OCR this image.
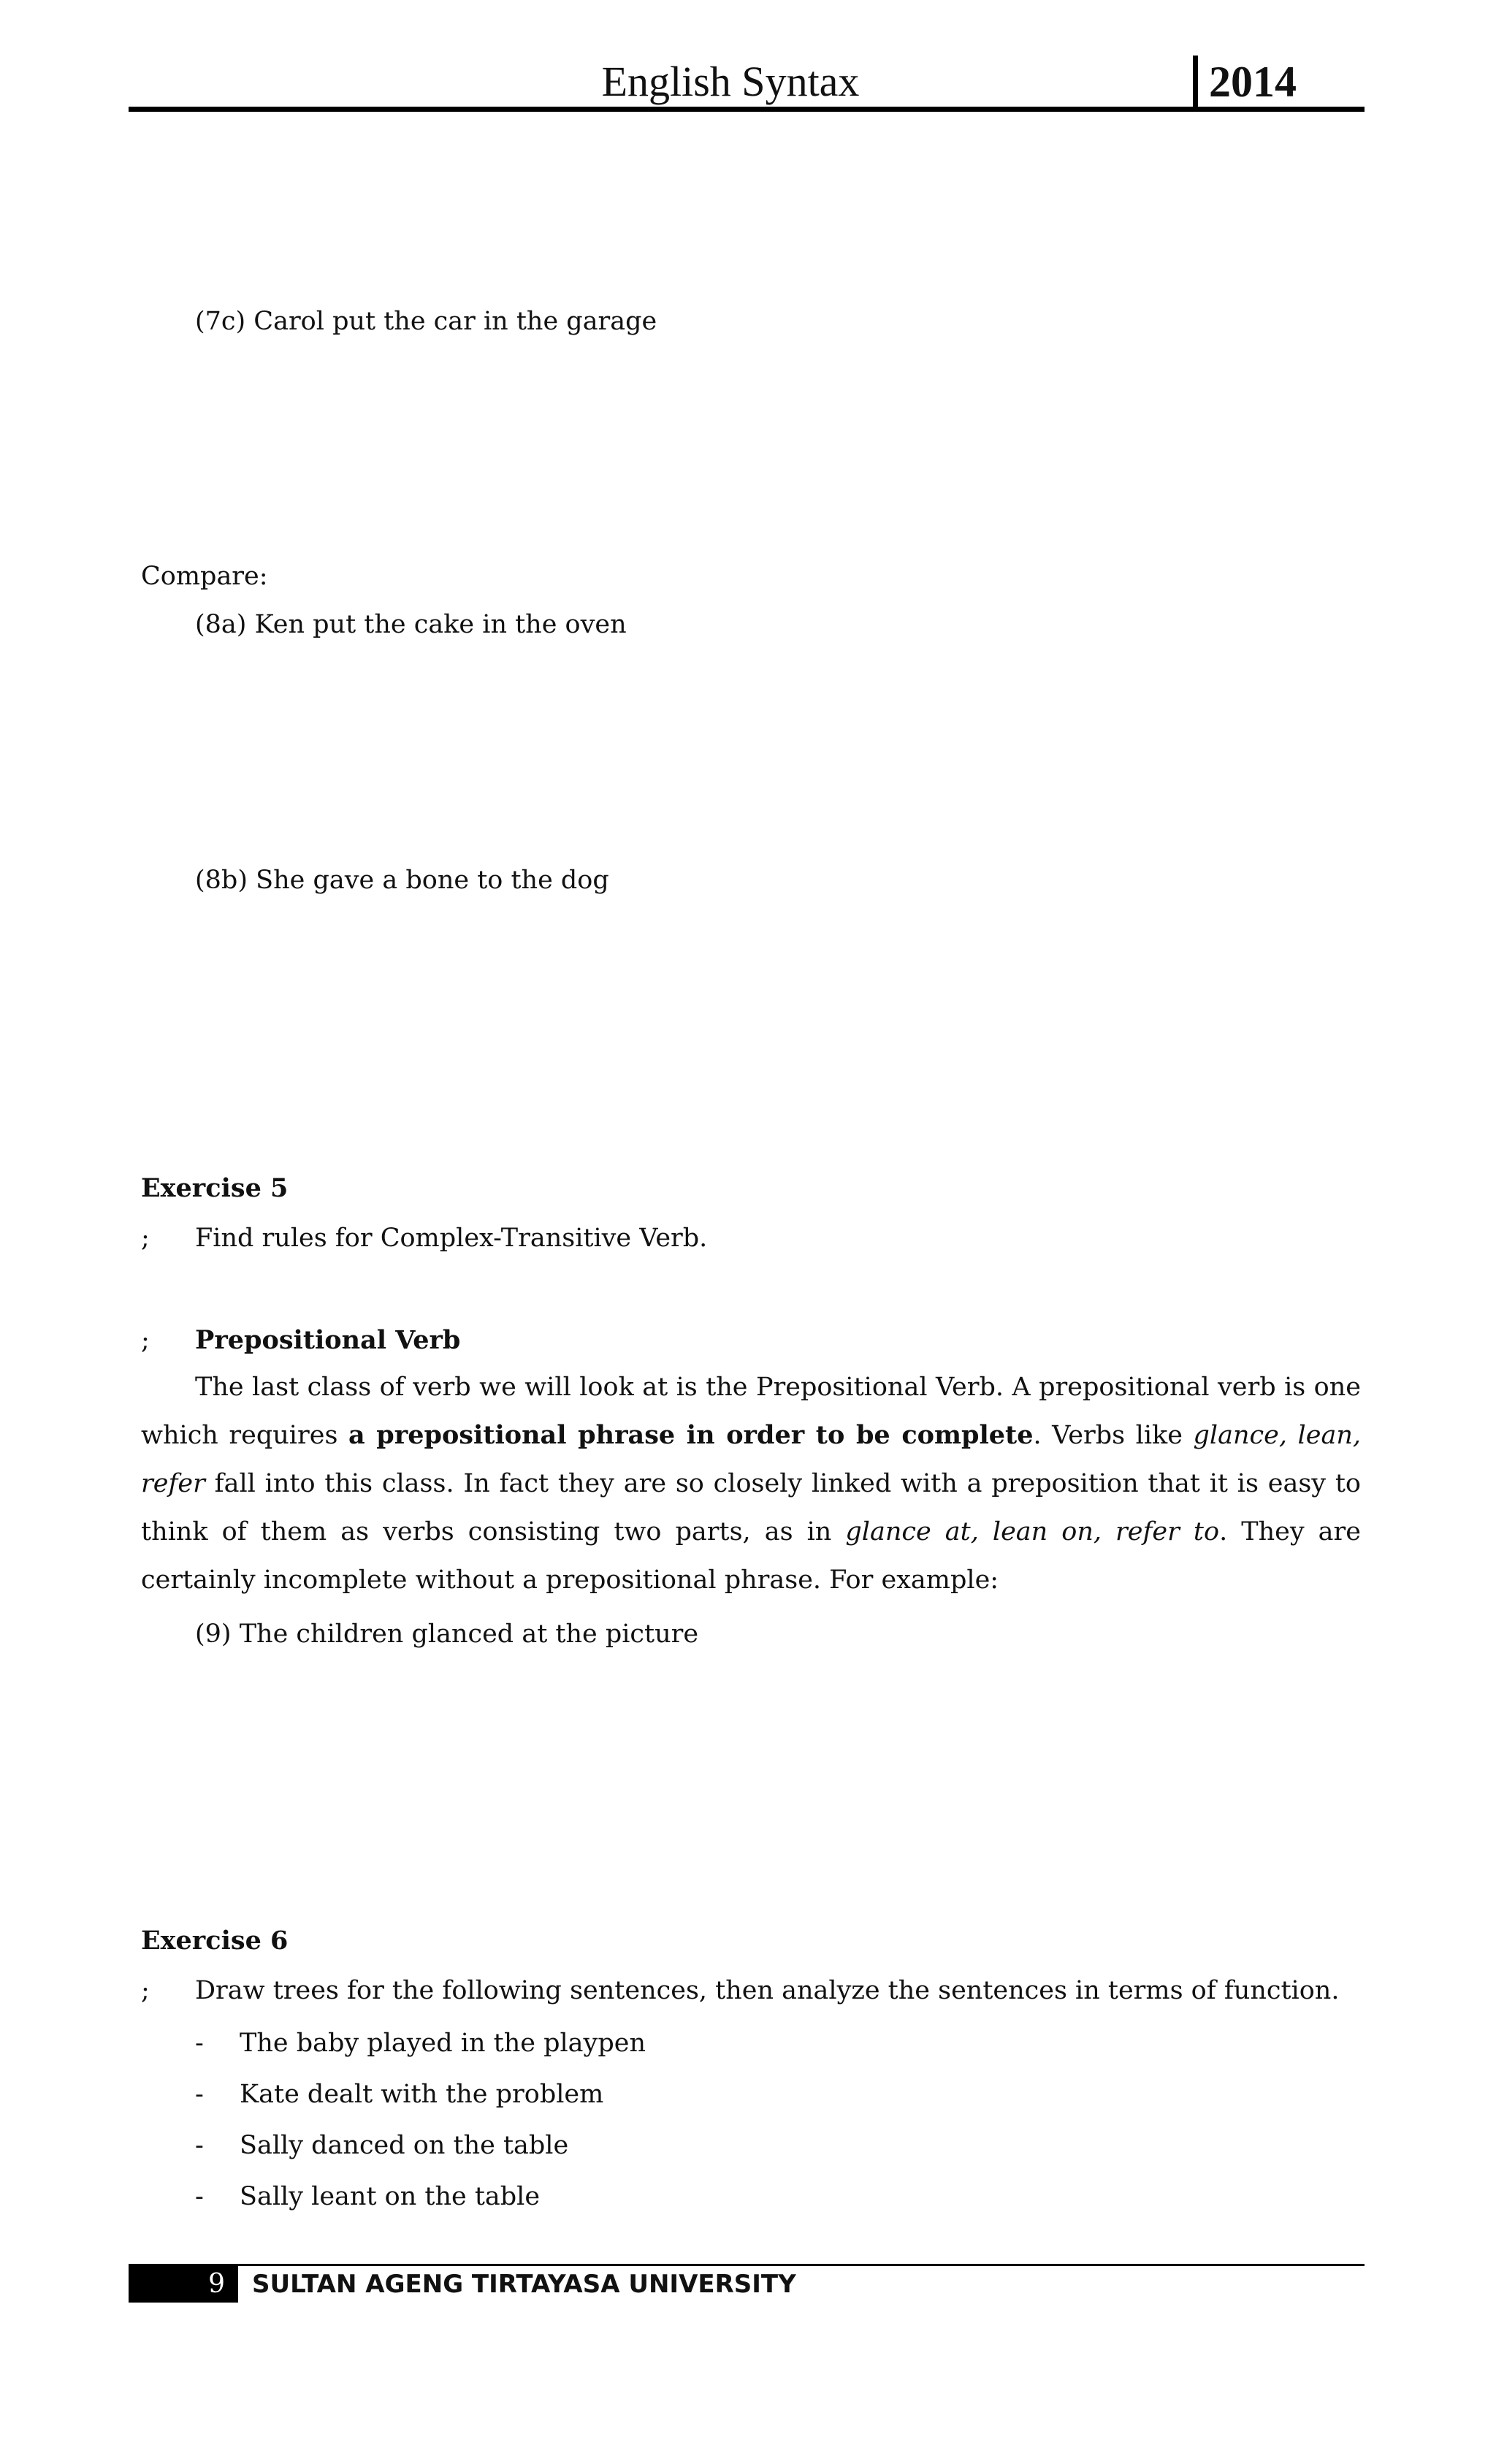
English Syntax	2014
(7c) Carol put the car in the garage
Compare:
(8a) Ken put the cake in the oven
(8b) She gave a bone to the dog
Exercise 5
; Find rules for Complex-Transitive Verb.
; Prepositional Verb

The last class of verb we will look at is the Prepositional Verb. A prepositional verb is one which requires a prepositional phrase in order to be complete. Verbs like glance, lean, refer fall into this class. In fact they are so closely linked with a preposition that it is easy to think of them as verbs consisting two parts, as in glance at, lean on, refer to. They are certainly incomplete without a prepositional phrase. For example:

(9) The children glanced at the picture
Exercise 6
; Draw trees for the following sentences, then analyze the sentences in terms of function.
- The baby played in the playpen
- Kate dealt with the problem
- Sally danced on the table
- Sally leant on the table
9 SULTAN AGENG TIRTAYASA UNIVERSITY
